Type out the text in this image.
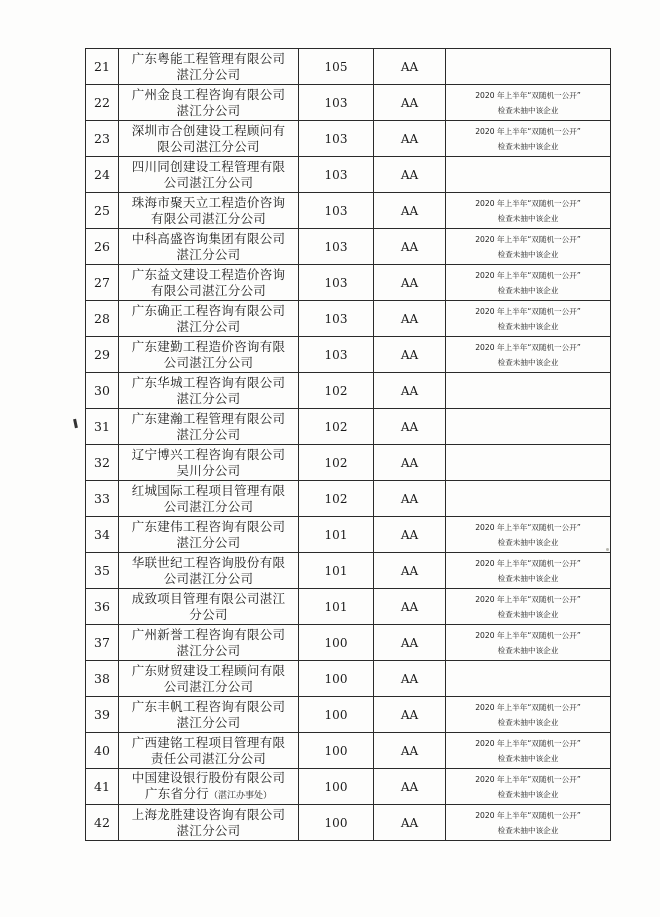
21	广东粤能工程管理有限公司
湛江分公司	105	AA	

22	广州金良工程咨询有限公司
湛江分公司	103	AA	2020 年上半年“双随机一公开”
检查未抽中该企业

23	深圳市合创建设工程顾问有
限公司湛江分公司	103	AA	2020 年上半年“双随机一公开”
检查未抽中该企业

24	四川同创建设工程管理有限
公司湛江分公司	103	AA	

25	珠海市聚天立工程造价咨询
有限公司湛江分公司	103	AA	2020 年上半年“双随机一公开”
检查未抽中该企业

26	中科高盛咨询集团有限公司
湛江分公司	103	AA	2020 年上半年“双随机一公开”
检查未抽中该企业

27	广东益文建设工程造价咨询
有限公司湛江分公司	103	AA	2020 年上半年“双随机一公开”
检查未抽中该企业

28	广东确正工程咨询有限公司
湛江分公司	103	AA	2020 年上半年“双随机一公开”
检查未抽中该企业

29	广东建勤工程造价咨询有限
公司湛江分公司	103	AA	2020 年上半年“双随机一公开”
检查未抽中该企业

30	广东华城工程咨询有限公司
湛江分公司	102	AA	

31	广东建瀚工程管理有限公司
湛江分公司	102	AA	

32	辽宁博兴工程咨询有限公司
吴川分公司	102	AA	

33	红城国际工程项目管理有限
公司湛江分公司	102	AA	

34	广东建伟工程咨询有限公司
湛江分公司	101	AA	2020 年上半年“双随机一公开”
检查未抽中该企业

35	华联世纪工程咨询股份有限
公司湛江分公司	101	AA	2020 年上半年“双随机一公开”
检查未抽中该企业

36	成致项目管理有限公司湛江
分公司	101	AA	2020 年上半年“双随机一公开”
检查未抽中该企业

37	广州新誉工程咨询有限公司
湛江分公司	100	AA	2020 年上半年“双随机一公开”
检查未抽中该企业

38	广东财贸建设工程顾问有限
公司湛江分公司	100	AA	

39	广东丰帆工程咨询有限公司
湛江分公司	100	AA	2020 年上半年“双随机一公开”
检查未抽中该企业

40	广西建铭工程项目管理有限
责任公司湛江分公司	100	AA	2020 年上半年“双随机一公开”
检查未抽中该企业

41	中国建设银行股份有限公司
广东省分行（湛江办事处）	100	AA	2020 年上半年“双随机一公开”
检查未抽中该企业

42	上海龙胜建设咨询有限公司
湛江分公司	100	AA	2020 年上半年“双随机一公开”
检查未抽中该企业
